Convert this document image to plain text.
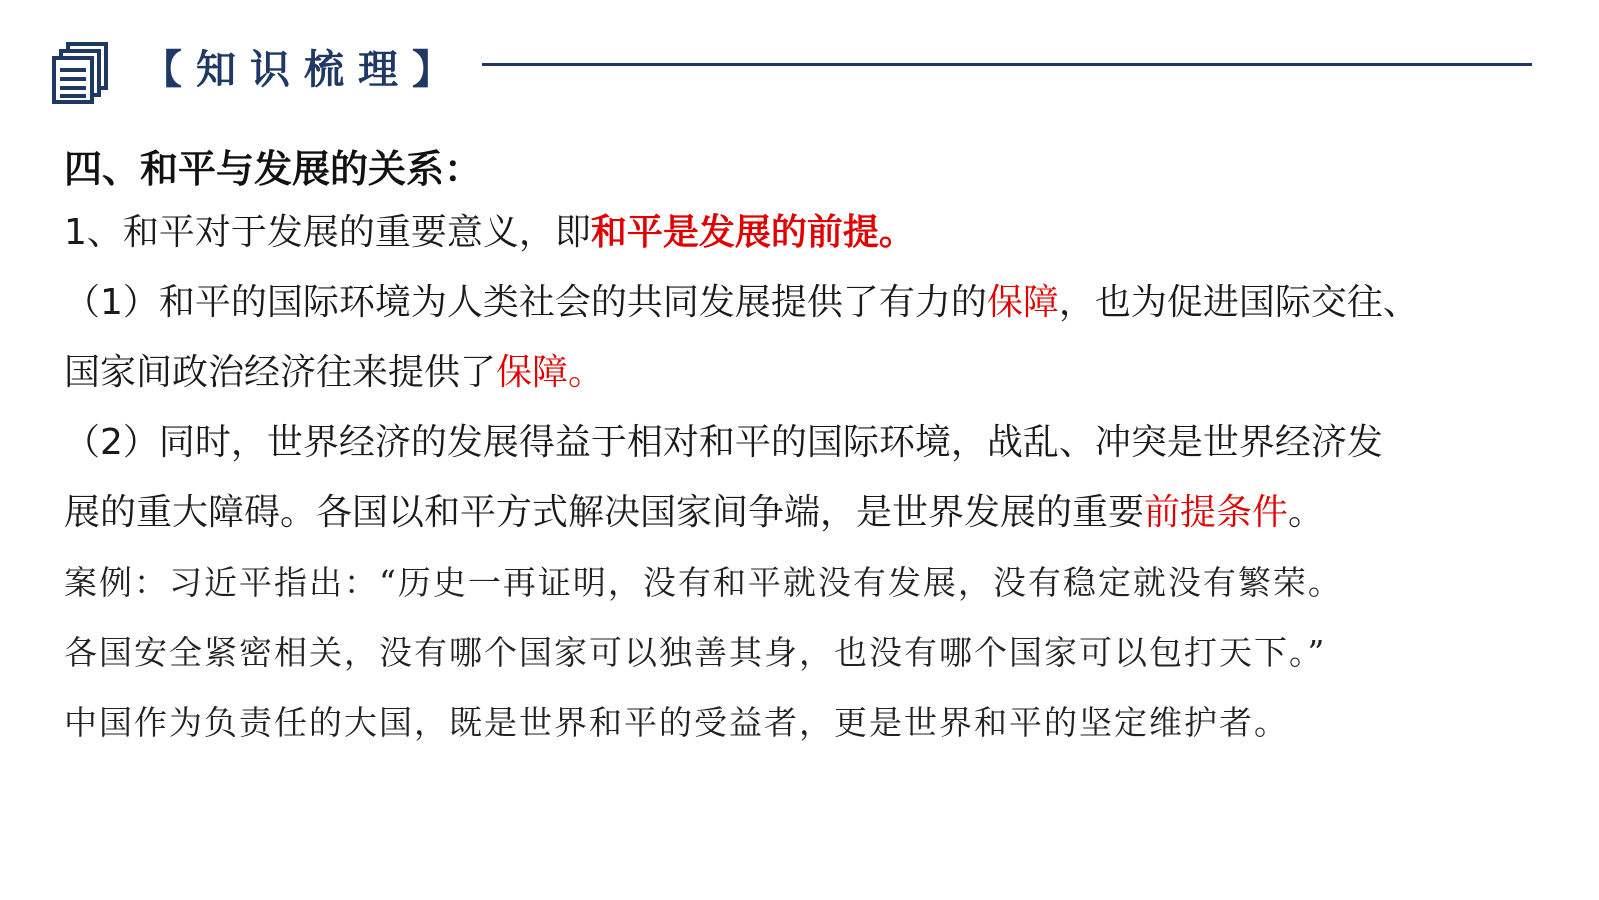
【知识梳理】

四、和平与发展的关系：

1、和平对于发展的重要意义，即和平是发展的前提。

（1）和平的国际环境为人类社会的共同发展提供了有力的保障，也为促进国际交往、
国家间政治经济往来提供了保障。

（2）同时，世界经济的发展得益于相对和平的国际环境，战乱、冲突是世界经济发
展的重大障碍。各国以和平方式解决国家间争端，是世界发展的重要前提条件。

案例：习近平指出：“历史一再证明，没有和平就没有发展，没有稳定就没有繁荣。
各国安全紧密相关，没有哪个国家可以独善其身，也没有哪个国家可以包打天下。”
中国作为负责任的大国，既是世界和平的受益者，更是世界和平的坚定维护者。
